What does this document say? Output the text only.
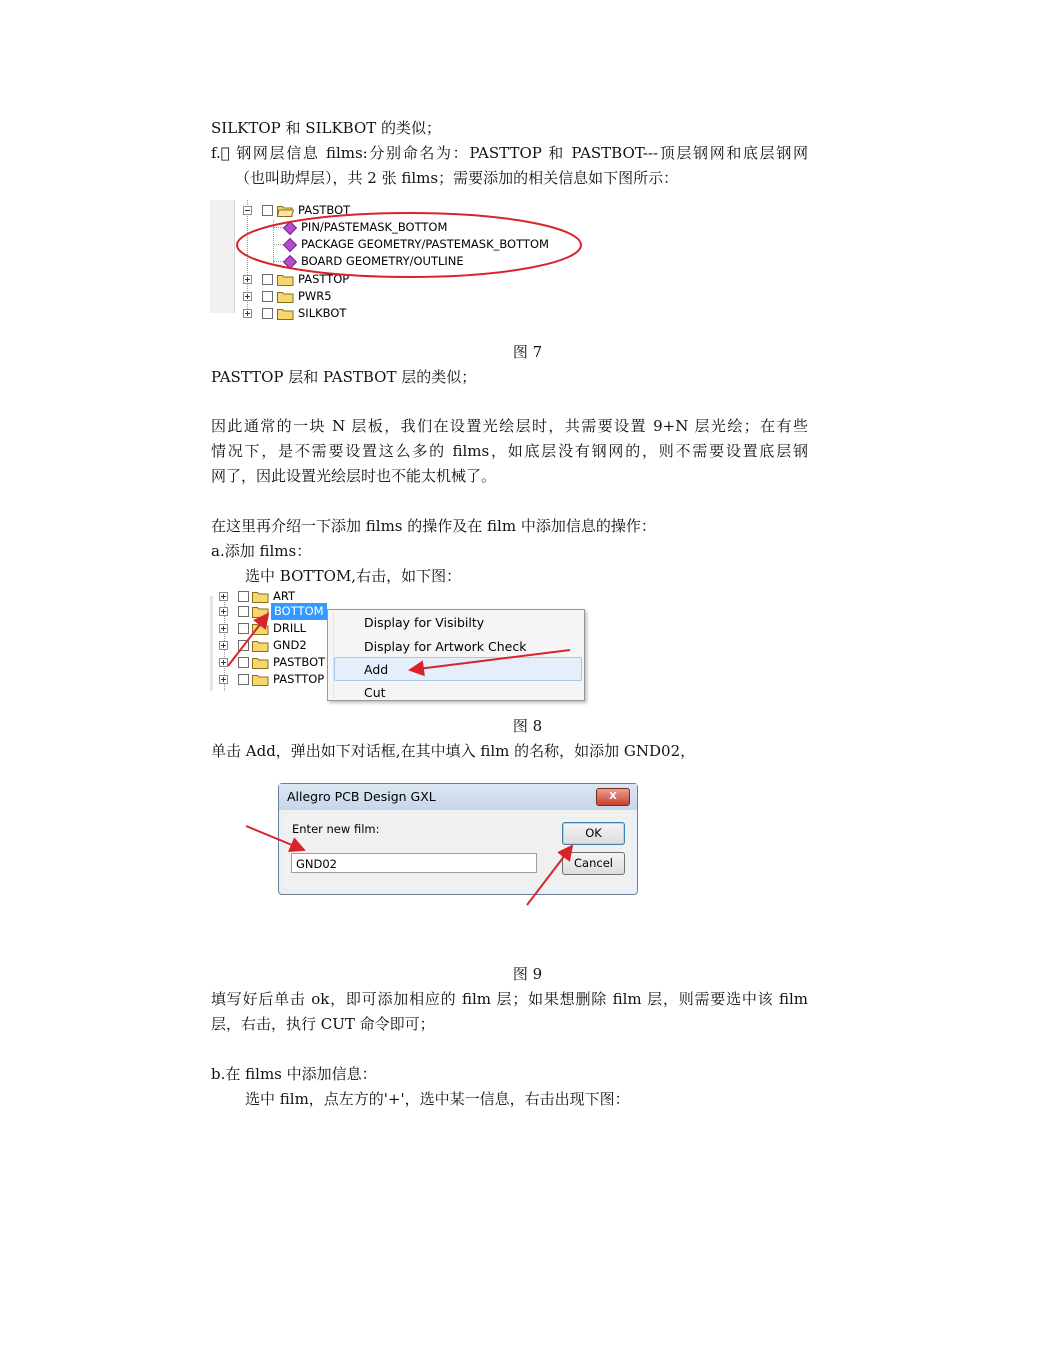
SILKTOP 和 SILKBOT 的类似；
f.  钢网层信息 films:分别命名为：PASTTOP 和 PASTBOT---顶层钢网和底层钢网
（也叫助焊层），共 2 张 films；需要添加的相关信息如下图所示：
PASTBOT
PIN/PASTEMASK_BOTTOM
PACKAGE GEOMETRY/PASTEMASK_BOTTOM
BOARD GEOMETRY/OUTLINE
PASTTOP
PWR5
SILKBOT
图 7
PASTTOP 层和 PASTBOT 层的类似；
因此通常的一块 N 层板，我们在设置光绘层时，共需要设置 9+N 层光绘；在有些
情况下，是不需要设置这么多的 films，如底层没有钢网的，则不需要设置底层钢
网了，因此设置光绘层时也不能太机械了。
在这里再介绍一下添加 films 的操作及在 film 中添加信息的操作：
a.添加 films：
选中 BOTTOM,右击，如下图：
ART
BOTTOM
DRILL
GND2
PASTBOT
PASTTOP
Display for Visibilty
Display for Artwork Check
Add
Cut
图 8
单击 Add，弹出如下对话框,在其中填入 film 的名称，如添加 GND02，
Allegro PCB Design GXL	X
Enter new film:
GND02
OK
Cancel
图 9
填写好后单击 ok，即可添加相应的 film 层；如果想删除 film 层，则需要选中该 film
层，右击，执行 CUT 命令即可；
b.在 films 中添加信息：
选中 film，点左方的'+'，选中某一信息，右击出现下图：
